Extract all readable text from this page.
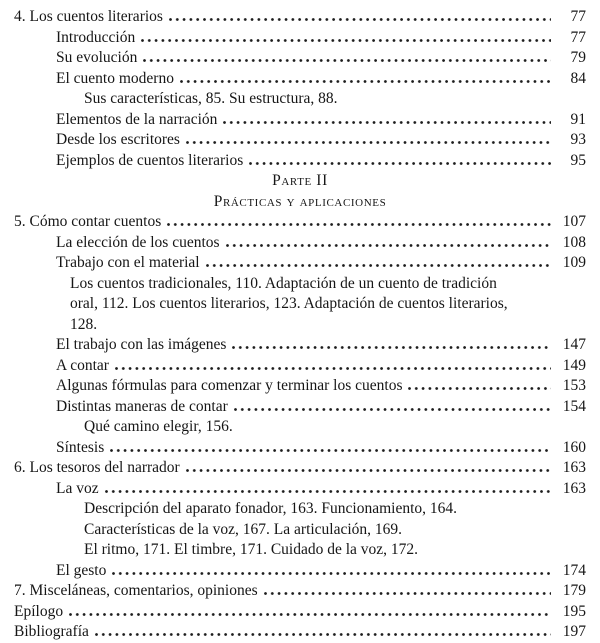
4. Los cuentos literarios	77
Introducción	77
Su evolución	79
El cuento moderno	84
Sus características, 85. Su estructura, 88.
Elementos de la narración	91
Desde los escritores	93
Ejemplos de cuentos literarios	95
Parte II
Prácticas y aplicaciones
5. Cómo contar cuentos	107
La elección de los cuentos	108
Trabajo con el material	109
Los cuentos tradicionales, 110. Adaptación de un cuento de tradición
oral, 112. Los cuentos literarios, 123. Adaptación de cuentos literarios,
128.
El trabajo con las imágenes	147
A contar	149
Algunas fórmulas para comenzar y terminar los cuentos	153
Distintas maneras de contar	154
Qué camino elegir, 156.
Síntesis	160
6. Los tesoros del narrador	163
La voz	163
Descripción del aparato fonador, 163. Funcionamiento, 164.
Características de la voz, 167. La articulación, 169.
El ritmo, 171. El timbre, 171. Cuidado de la voz, 172.
El gesto	174
7. Misceláneas, comentarios, opiniones	179
Epílogo	195
Bibliografía	197
